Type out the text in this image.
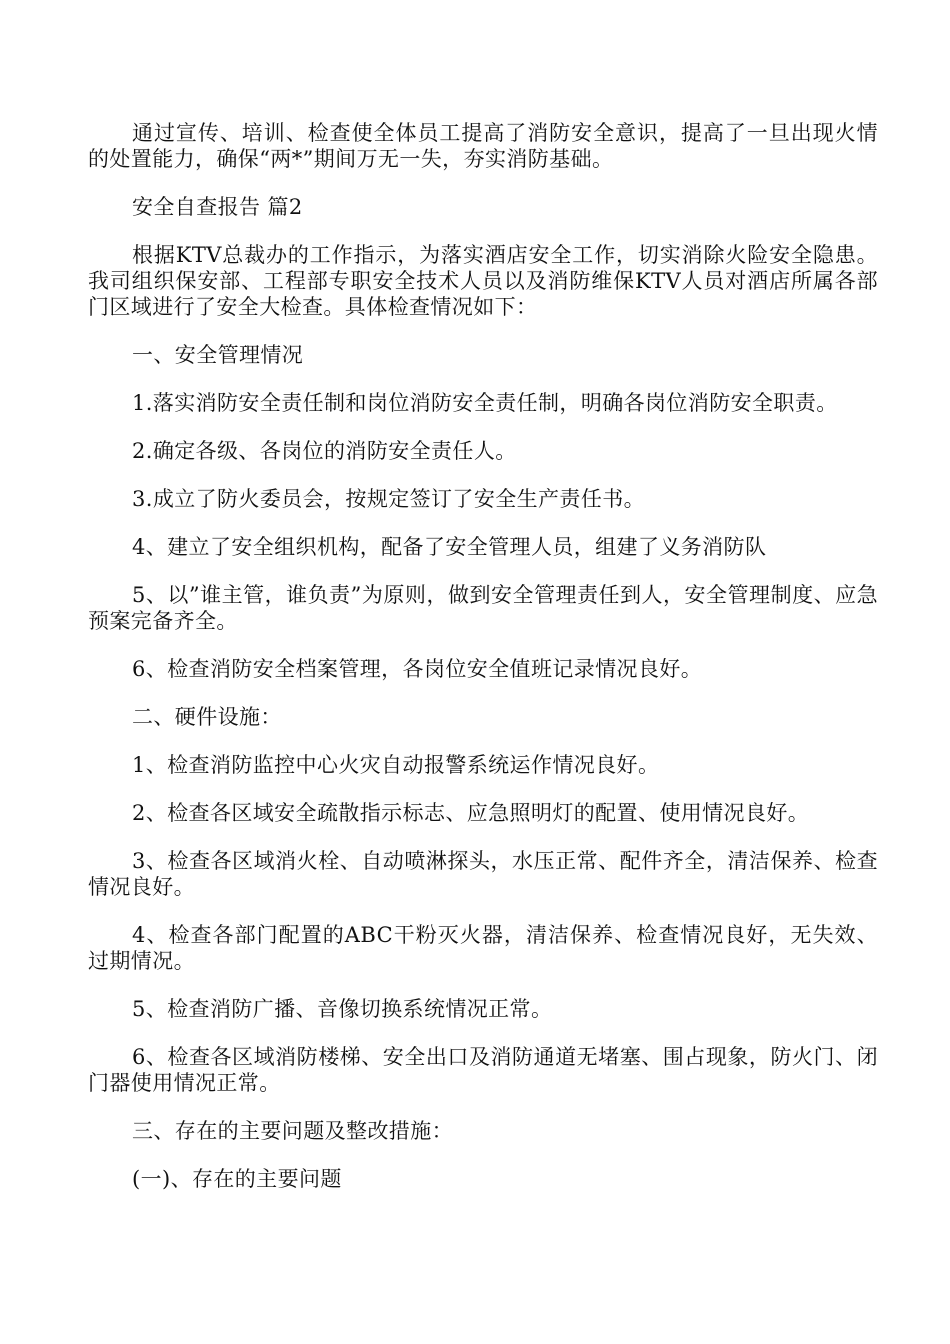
通过宣传、培训、检查使全体员工提高了消防安全意识，提高了一旦出现火情的处置能力，确保“两*”期间万无一失，夯实消防基础。

安全自查报告 篇2

根据KTV总裁办的工作指示，为落实酒店安全工作，切实消除火险安全隐患。我司组织保安部、工程部专职安全技术人员以及消防维保KTV人员对酒店所属各部门区域进行了安全大检查。具体检查情况如下：

一、安全管理情况

1.落实消防安全责任制和岗位消防安全责任制，明确各岗位消防安全职责。

2.确定各级、各岗位的消防安全责任人。

3.成立了防火委员会，按规定签订了安全生产责任书。

4、建立了安全组织机构，配备了安全管理人员，组建了义务消防队

5、以”谁主管，谁负责”为原则，做到安全管理责任到人，安全管理制度、应急预案完备齐全。

6、检查消防安全档案管理，各岗位安全值班记录情况良好。

二、硬件设施：

1、检查消防监控中心火灾自动报警系统运作情况良好。

2、检查各区域安全疏散指示标志、应急照明灯的配置、使用情况良好。

3、检查各区域消火栓、自动喷淋探头，水压正常、配件齐全，清洁保养、检查情况良好。

4、检查各部门配置的ABC干粉灭火器，清洁保养、检查情况良好，无失效、过期情况。

5、检查消防广播、音像切换系统情况正常。

6、检查各区域消防楼梯、安全出口及消防通道无堵塞、围占现象，防火门、闭门器使用情况正常。

三、存在的主要问题及整改措施：

(一)、存在的主要问题
